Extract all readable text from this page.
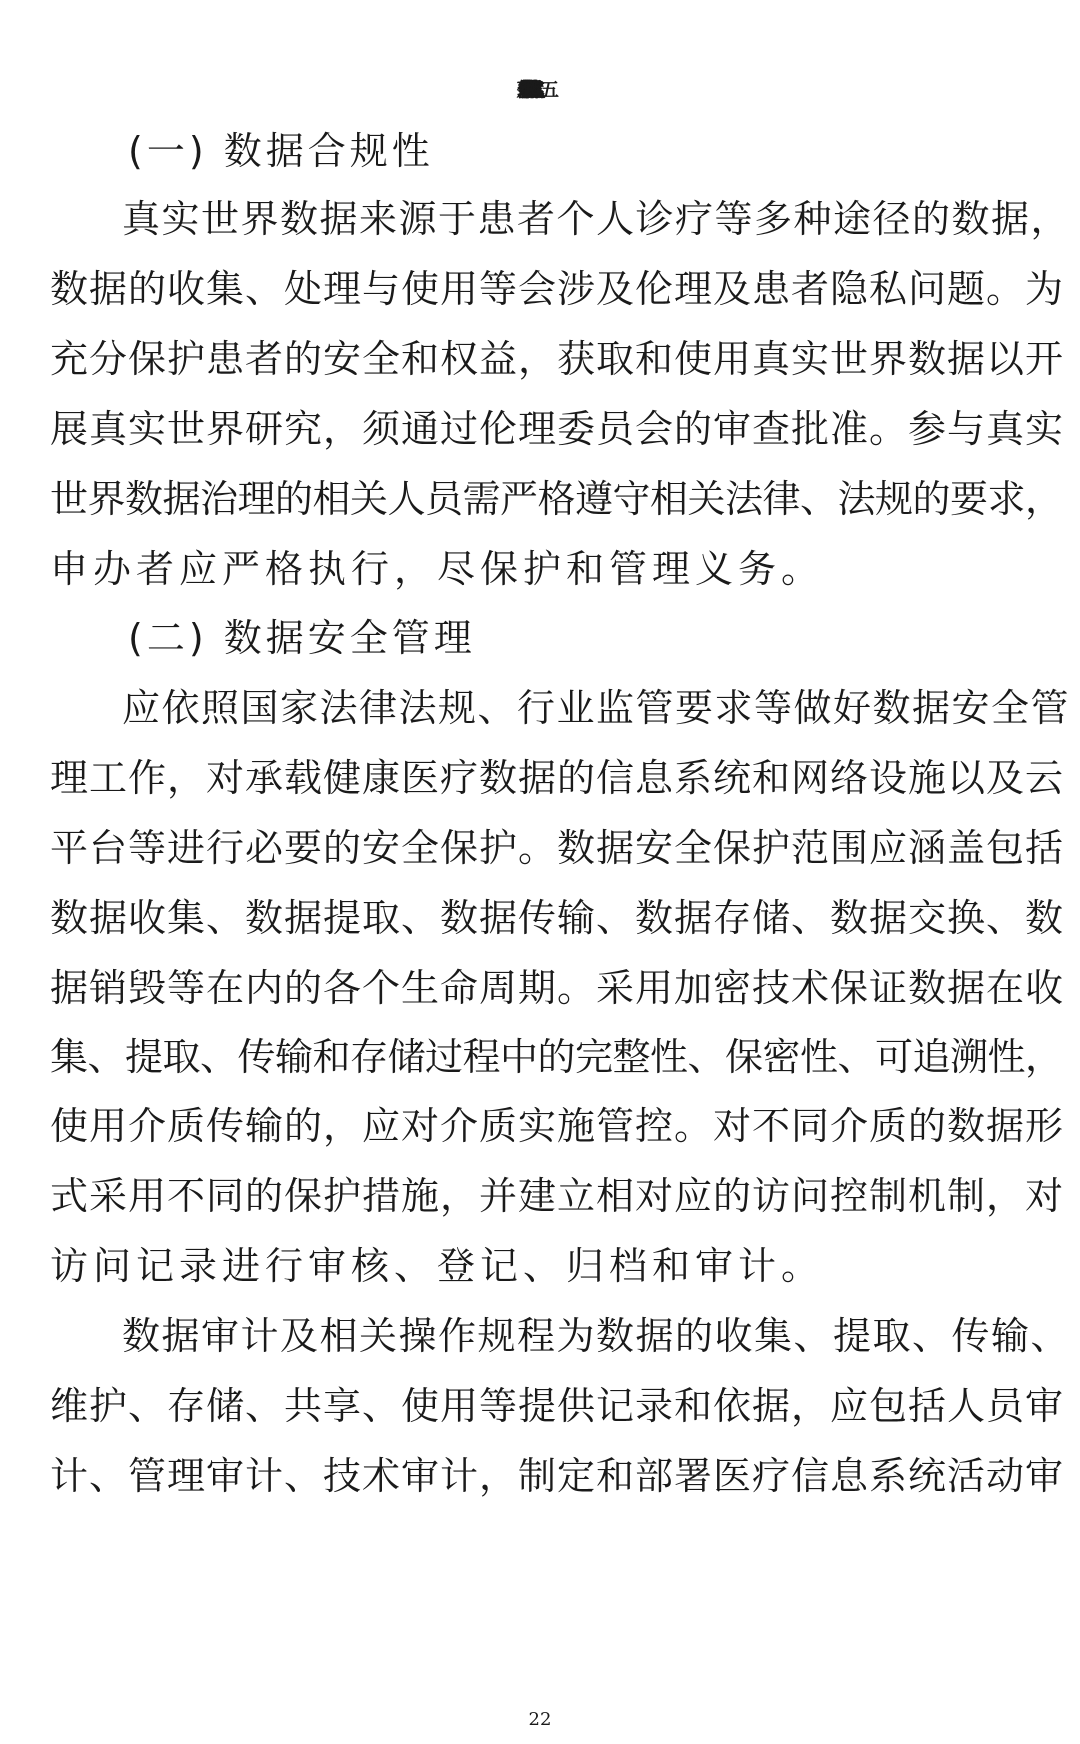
(一) 数据合规性
真实世界数据来源于患者个人诊疗等多种途径的数据，
数据的收集、处理与使用等会涉及伦理及患者隐私问题。为
充分保护患者的安全和权益，获取和使用真实世界数据以开
展真实世界研究，须通过伦理委员会的审查批准。参与真实
世界数据治理的相关人员需严格遵守相关法律、法规的要求，
申办者应严格执行，尽保护和管理义务。
(二) 数据安全管理
应依照国家法律法规、行业监管要求等做好数据安全管
理工作，对承载健康医疗数据的信息系统和网络设施以及云
平台等进行必要的安全保护。数据安全保护范围应涵盖包括
数据收集、数据提取、数据传输、数据存储、数据交换、数
据销毁等在内的各个生命周期。采用加密技术保证数据在收
集、提取、传输和存储过程中的完整性、保密性、可追溯性，
使用介质传输的，应对介质实施管控。对不同介质的数据形
式采用不同的保护措施，并建立相对应的访问控制机制，对
访问记录进行审核、登记、归档和审计。
数据审计及相关操作规程为数据的收集、提取、传输、
维护、存储、共享、使用等提供记录和依据，应包括人员审
计、管理审计、技术审计，制定和部署医疗信息系统活动审
22
